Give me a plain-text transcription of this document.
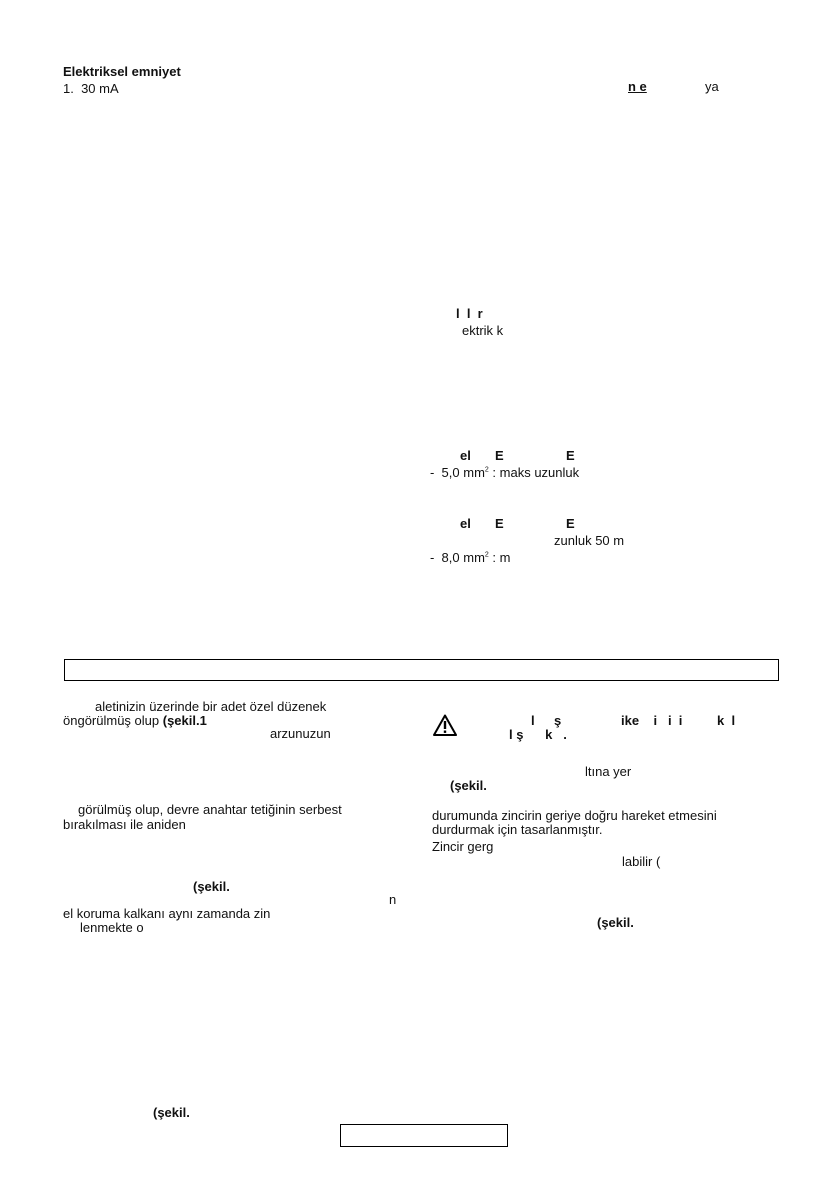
Elektriksel emniyet
1.  30 mA	n e	ya
l  l  r
ektrik k
el E	E
-  5,0 $mm^2$ : maks uzunluk
el E	E
zunluk 50 m
-  8,0 $mm^2$ : m
aletinizin üzerinde bir adet özel düzenek
öngörülmüş olup (şekil.1
arzunuzun
görülmüş olup, devre anahtar tetiğinin serbest
bırakılması ile aniden
(şekil.
n
el koruma kalkanı aynı zamanda zin
lenmekte o
(şekil.
l ş	ike    i   i  i	k  l
l ş      k   .
ltına yer
(şekil.
durumunda zincirin geriye doğru hareket etmesini
durdurmak için tasarlanmıştır.
Zincir gerg
labilir (
(şekil.
